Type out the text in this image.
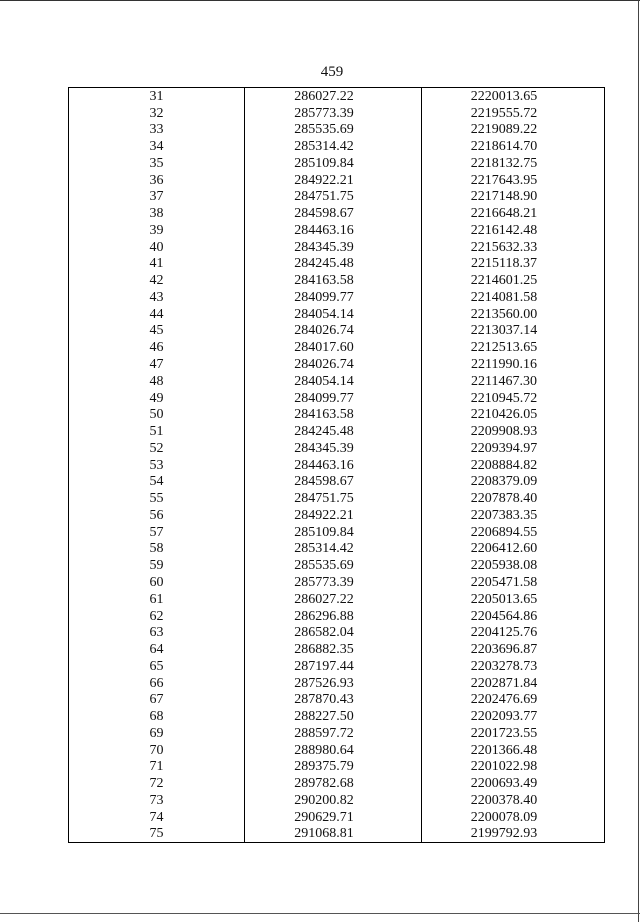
459
31	286027.22	2220013.65
32	285773.39	2219555.72
33	285535.69	2219089.22
34	285314.42	2218614.70
35	285109.84	2218132.75
36	284922.21	2217643.95
37	284751.75	2217148.90
38	284598.67	2216648.21
39	284463.16	2216142.48
40	284345.39	2215632.33
41	284245.48	2215118.37
42	284163.58	2214601.25
43	284099.77	2214081.58
44	284054.14	2213560.00
45	284026.74	2213037.14
46	284017.60	2212513.65
47	284026.74	2211990.16
48	284054.14	2211467.30
49	284099.77	2210945.72
50	284163.58	2210426.05
51	284245.48	2209908.93
52	284345.39	2209394.97
53	284463.16	2208884.82
54	284598.67	2208379.09
55	284751.75	2207878.40
56	284922.21	2207383.35
57	285109.84	2206894.55
58	285314.42	2206412.60
59	285535.69	2205938.08
60	285773.39	2205471.58
61	286027.22	2205013.65
62	286296.88	2204564.86
63	286582.04	2204125.76
64	286882.35	2203696.87
65	287197.44	2203278.73
66	287526.93	2202871.84
67	287870.43	2202476.69
68	288227.50	2202093.77
69	288597.72	2201723.55
70	288980.64	2201366.48
71	289375.79	2201022.98
72	289782.68	2200693.49
73	290200.82	2200378.40
74	290629.71	2200078.09
75	291068.81	2199792.93
